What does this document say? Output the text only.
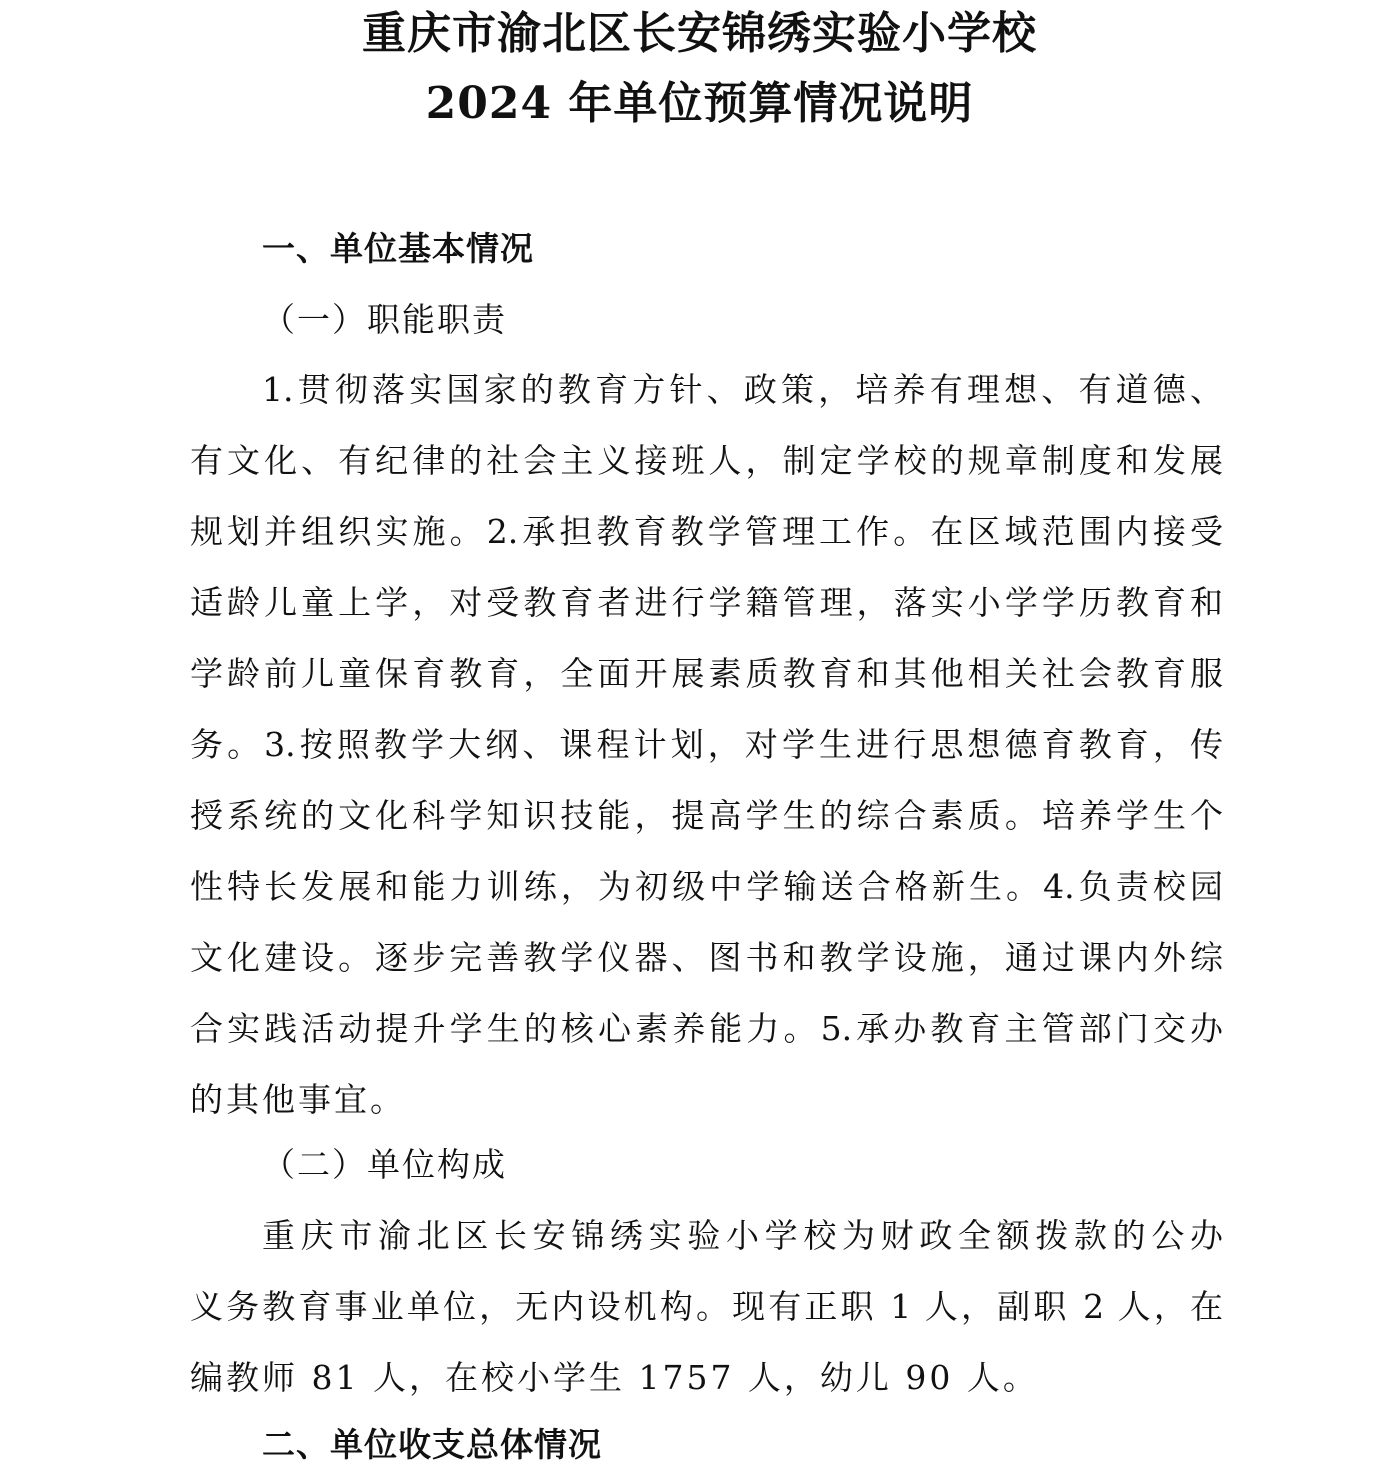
重庆市渝北区长安锦绣实验小学校
2024 年单位预算情况说明
一、单位基本情况
（一）职能职责
1.贯彻落实国家的教育方针、政策，培养有理想、有道德、
有文化、有纪律的社会主义接班人，制定学校的规章制度和发展
规划并组织实施。2.承担教育教学管理工作。在区域范围内接受
适龄儿童上学，对受教育者进行学籍管理，落实小学学历教育和
学龄前儿童保育教育，全面开展素质教育和其他相关社会教育服
务。3.按照教学大纲、课程计划，对学生进行思想德育教育，传
授系统的文化科学知识技能，提高学生的综合素质。培养学生个
性特长发展和能力训练，为初级中学输送合格新生。4.负责校园
文化建设。逐步完善教学仪器、图书和教学设施，通过课内外综
合实践活动提升学生的核心素养能力。5.承办教育主管部门交办
的其他事宜。
（二）单位构成
重庆市渝北区长安锦绣实验小学校为财政全额拨款的公办
义务教育事业单位，无内设机构。现有正职 1 人，副职 2 人，在
编教师 81 人，在校小学生 1757 人，幼儿 90 人。
二、单位收支总体情况
